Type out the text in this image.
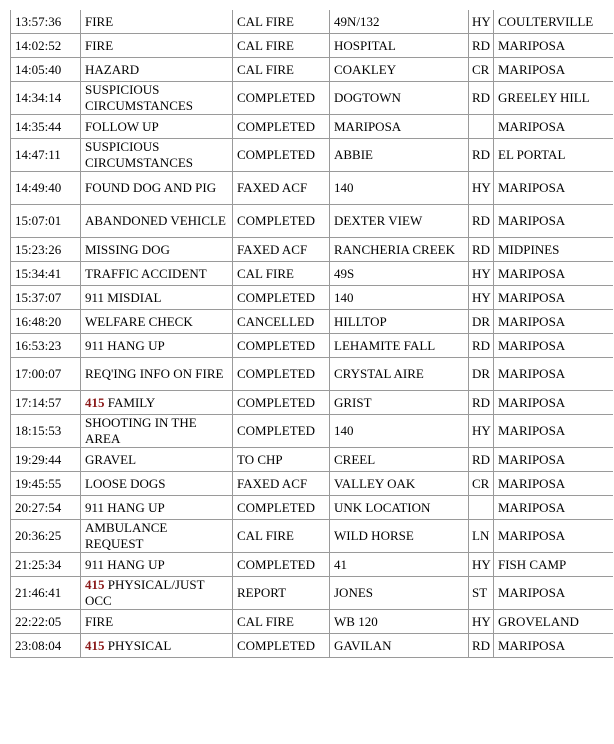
13:57:36	FIRE	CAL FIRE	49N/132	HY	COULTERVILLE
14:02:52	FIRE	CAL FIRE	HOSPITAL	RD	MARIPOSA
14:05:40	HAZARD	CAL FIRE	COAKLEY	CR	MARIPOSA
14:34:14	SUSPICIOUS CIRCUMSTANCES	COMPLETED	DOGTOWN	RD	GREELEY HILL
14:35:44	FOLLOW UP	COMPLETED	MARIPOSA		MARIPOSA
14:47:11	SUSPICIOUS CIRCUMSTANCES	COMPLETED	ABBIE	RD	EL PORTAL
14:49:40	FOUND DOG AND PIG	FAXED ACF	140	HY	MARIPOSA
15:07:01	ABANDONED VEHICLE	COMPLETED	DEXTER VIEW	RD	MARIPOSA
15:23:26	MISSING DOG	FAXED ACF	RANCHERIA CREEK	RD	MIDPINES
15:34:41	TRAFFIC ACCIDENT	CAL FIRE	49S	HY	MARIPOSA
15:37:07	911 MISDIAL	COMPLETED	140	HY	MARIPOSA
16:48:20	WELFARE CHECK	CANCELLED	HILLTOP	DR	MARIPOSA
16:53:23	911 HANG UP	COMPLETED	LEHAMITE FALL	RD	MARIPOSA
17:00:07	REQ'ING INFO ON FIRE	COMPLETED	CRYSTAL AIRE	DR	MARIPOSA
17:14:57	415 FAMILY	COMPLETED	GRIST	RD	MARIPOSA
18:15:53	SHOOTING IN THE AREA	COMPLETED	140	HY	MARIPOSA
19:29:44	GRAVEL	TO CHP	CREEL	RD	MARIPOSA
19:45:55	LOOSE DOGS	FAXED ACF	VALLEY OAK	CR	MARIPOSA
20:27:54	911 HANG UP	COMPLETED	UNK LOCATION		MARIPOSA
20:36:25	AMBULANCE REQUEST	CAL FIRE	WILD HORSE	LN	MARIPOSA
21:25:34	911 HANG UP	COMPLETED	41	HY	FISH CAMP
21:46:41	415 PHYSICAL/JUST OCC	REPORT	JONES	ST	MARIPOSA
22:22:05	FIRE	CAL FIRE	WB 120	HY	GROVELAND
23:08:04	415 PHYSICAL	COMPLETED	GAVILAN	RD	MARIPOSA
